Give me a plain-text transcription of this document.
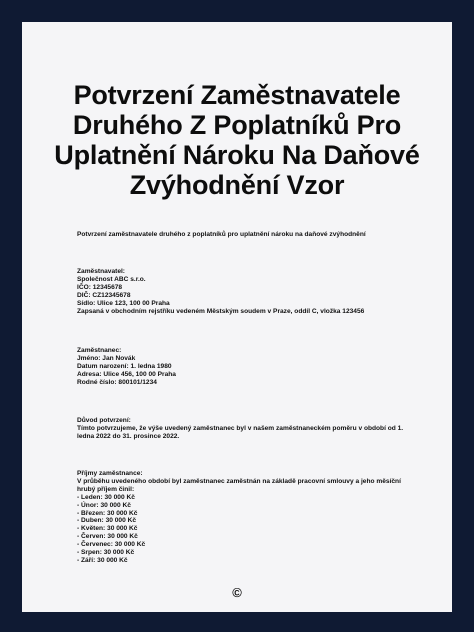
Potvrzení Zaměstnavatele Druhého Z Poplatníků Pro Uplatnění Nároku Na Daňové Zvýhodnění Vzor
Potvrzení zaměstnavatele druhého z poplatníků pro uplatnění nároku na daňové zvýhodnění
Zaměstnavatel:
Společnost ABC s.r.o.
IČO: 12345678
DIČ: CZ12345678
Sídlo: Ulice 123, 100 00 Praha
Zapsaná v obchodním rejstříku vedeném Městským soudem v Praze, oddíl C, vložka 123456
Zaměstnanec:
Jméno: Jan Novák
Datum narození: 1. ledna 1980
Adresa: Ulice 456, 100 00 Praha
Rodné číslo: 800101/1234
Důvod potvrzení:
Tímto potvrzujeme, že výše uvedený zaměstnanec byl v našem zaměstnaneckém poměru v období od 1. ledna 2022 do 31. prosince 2022.
Příjmy zaměstnance:
V průběhu uvedeného období byl zaměstnanec zaměstnán na základě pracovní smlouvy a jeho měsíční hrubý příjem činil:
- Leden: 30 000 Kč
- Únor: 30 000 Kč
- Březen: 30 000 Kč
- Duben: 30 000 Kč
- Květen: 30 000 Kč
- Červen: 30 000 Kč
- Červenec: 30 000 Kč
- Srpen: 30 000 Kč
- Září: 30 000 Kč
©
